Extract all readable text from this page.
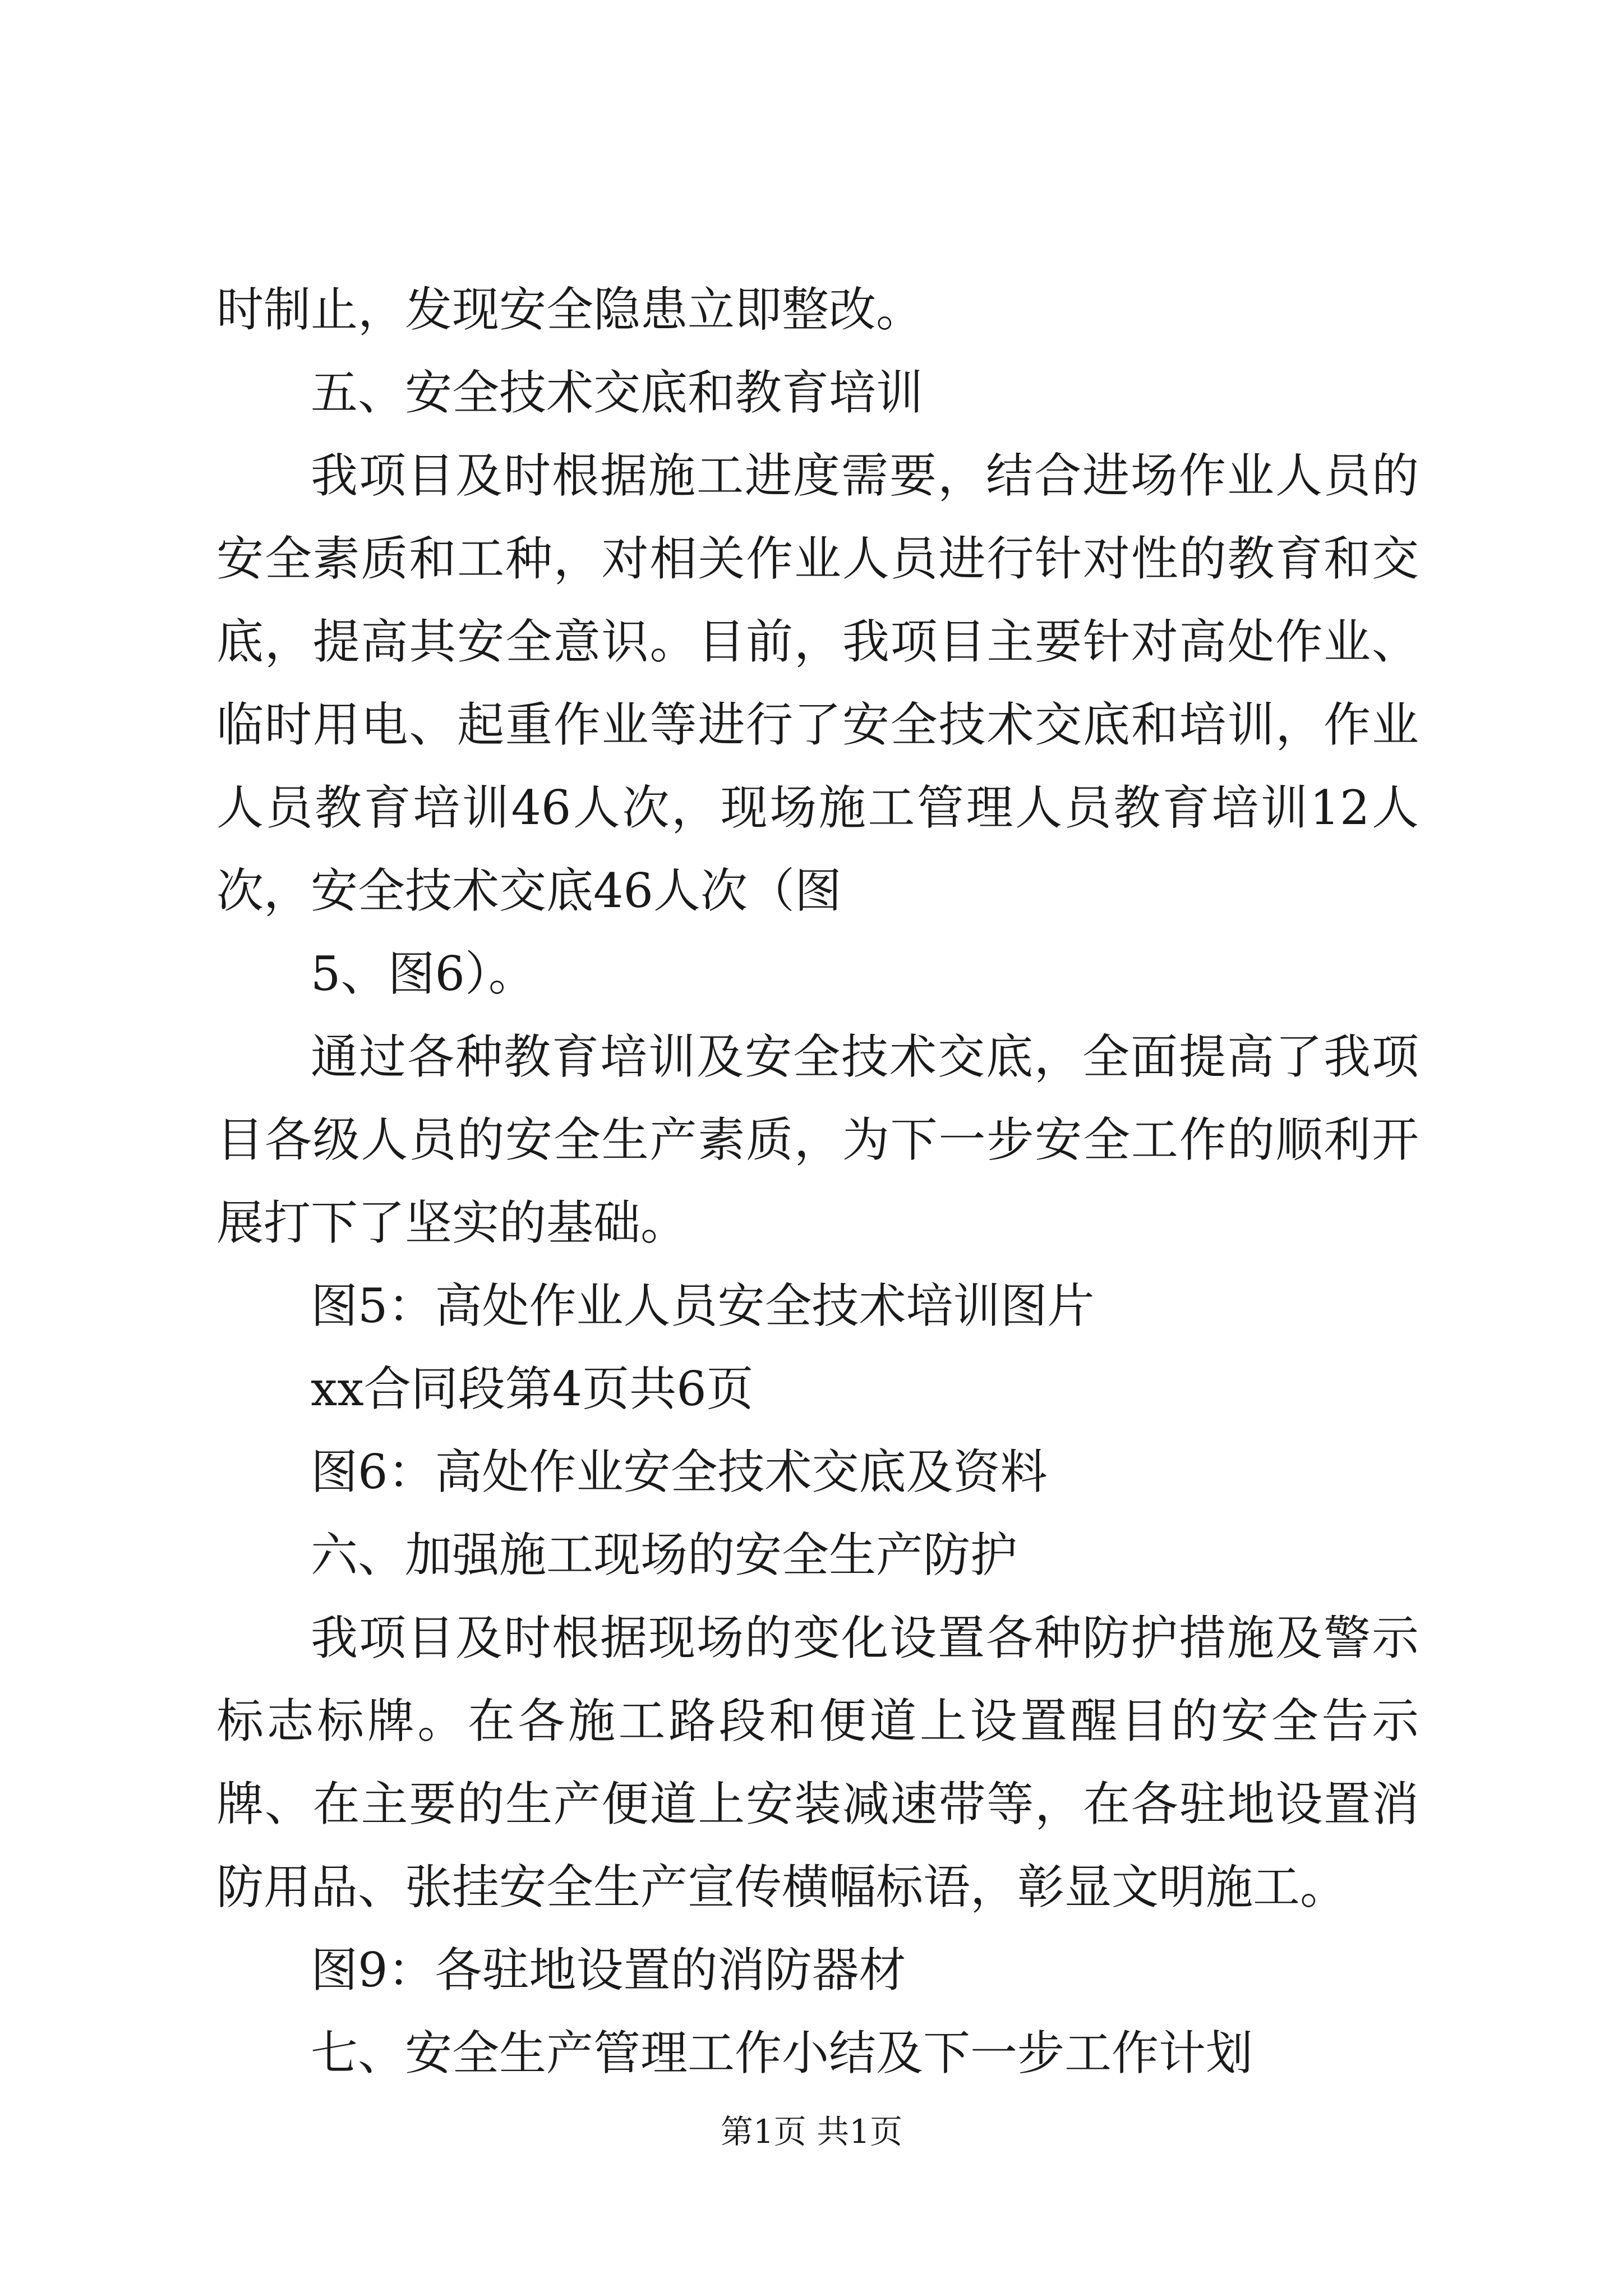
时制止，发现安全隐患立即整改。

五、安全技术交底和教育培训

我项目及时根据施工进度需要，结合进场作业人员的安全素质和工种，对相关作业人员进行针对性的教育和交底，提高其安全意识。目前，我项目主要针对高处作业、临时用电、起重作业等进行了安全技术交底和培训，作业人员教育培训46人次，现场施工管理人员教育培训12人次，安全技术交底46人次（图

5、图6）。

通过各种教育培训及安全技术交底，全面提高了我项目各级人员的安全生产素质，为下一步安全工作的顺利开展打下了坚实的基础。

图5：高处作业人员安全技术培训图片

xx合同段第4页共6页

图6：高处作业安全技术交底及资料

六、加强施工现场的安全生产防护

我项目及时根据现场的变化设置各种防护措施及警示标志标牌。在各施工路段和便道上设置醒目的安全告示牌、在主要的生产便道上安装减速带等，在各驻地设置消防用品、张挂安全生产宣传横幅标语，彰显文明施工。

图9：各驻地设置的消防器材

七、安全生产管理工作小结及下一步工作计划

第1页 共1页
